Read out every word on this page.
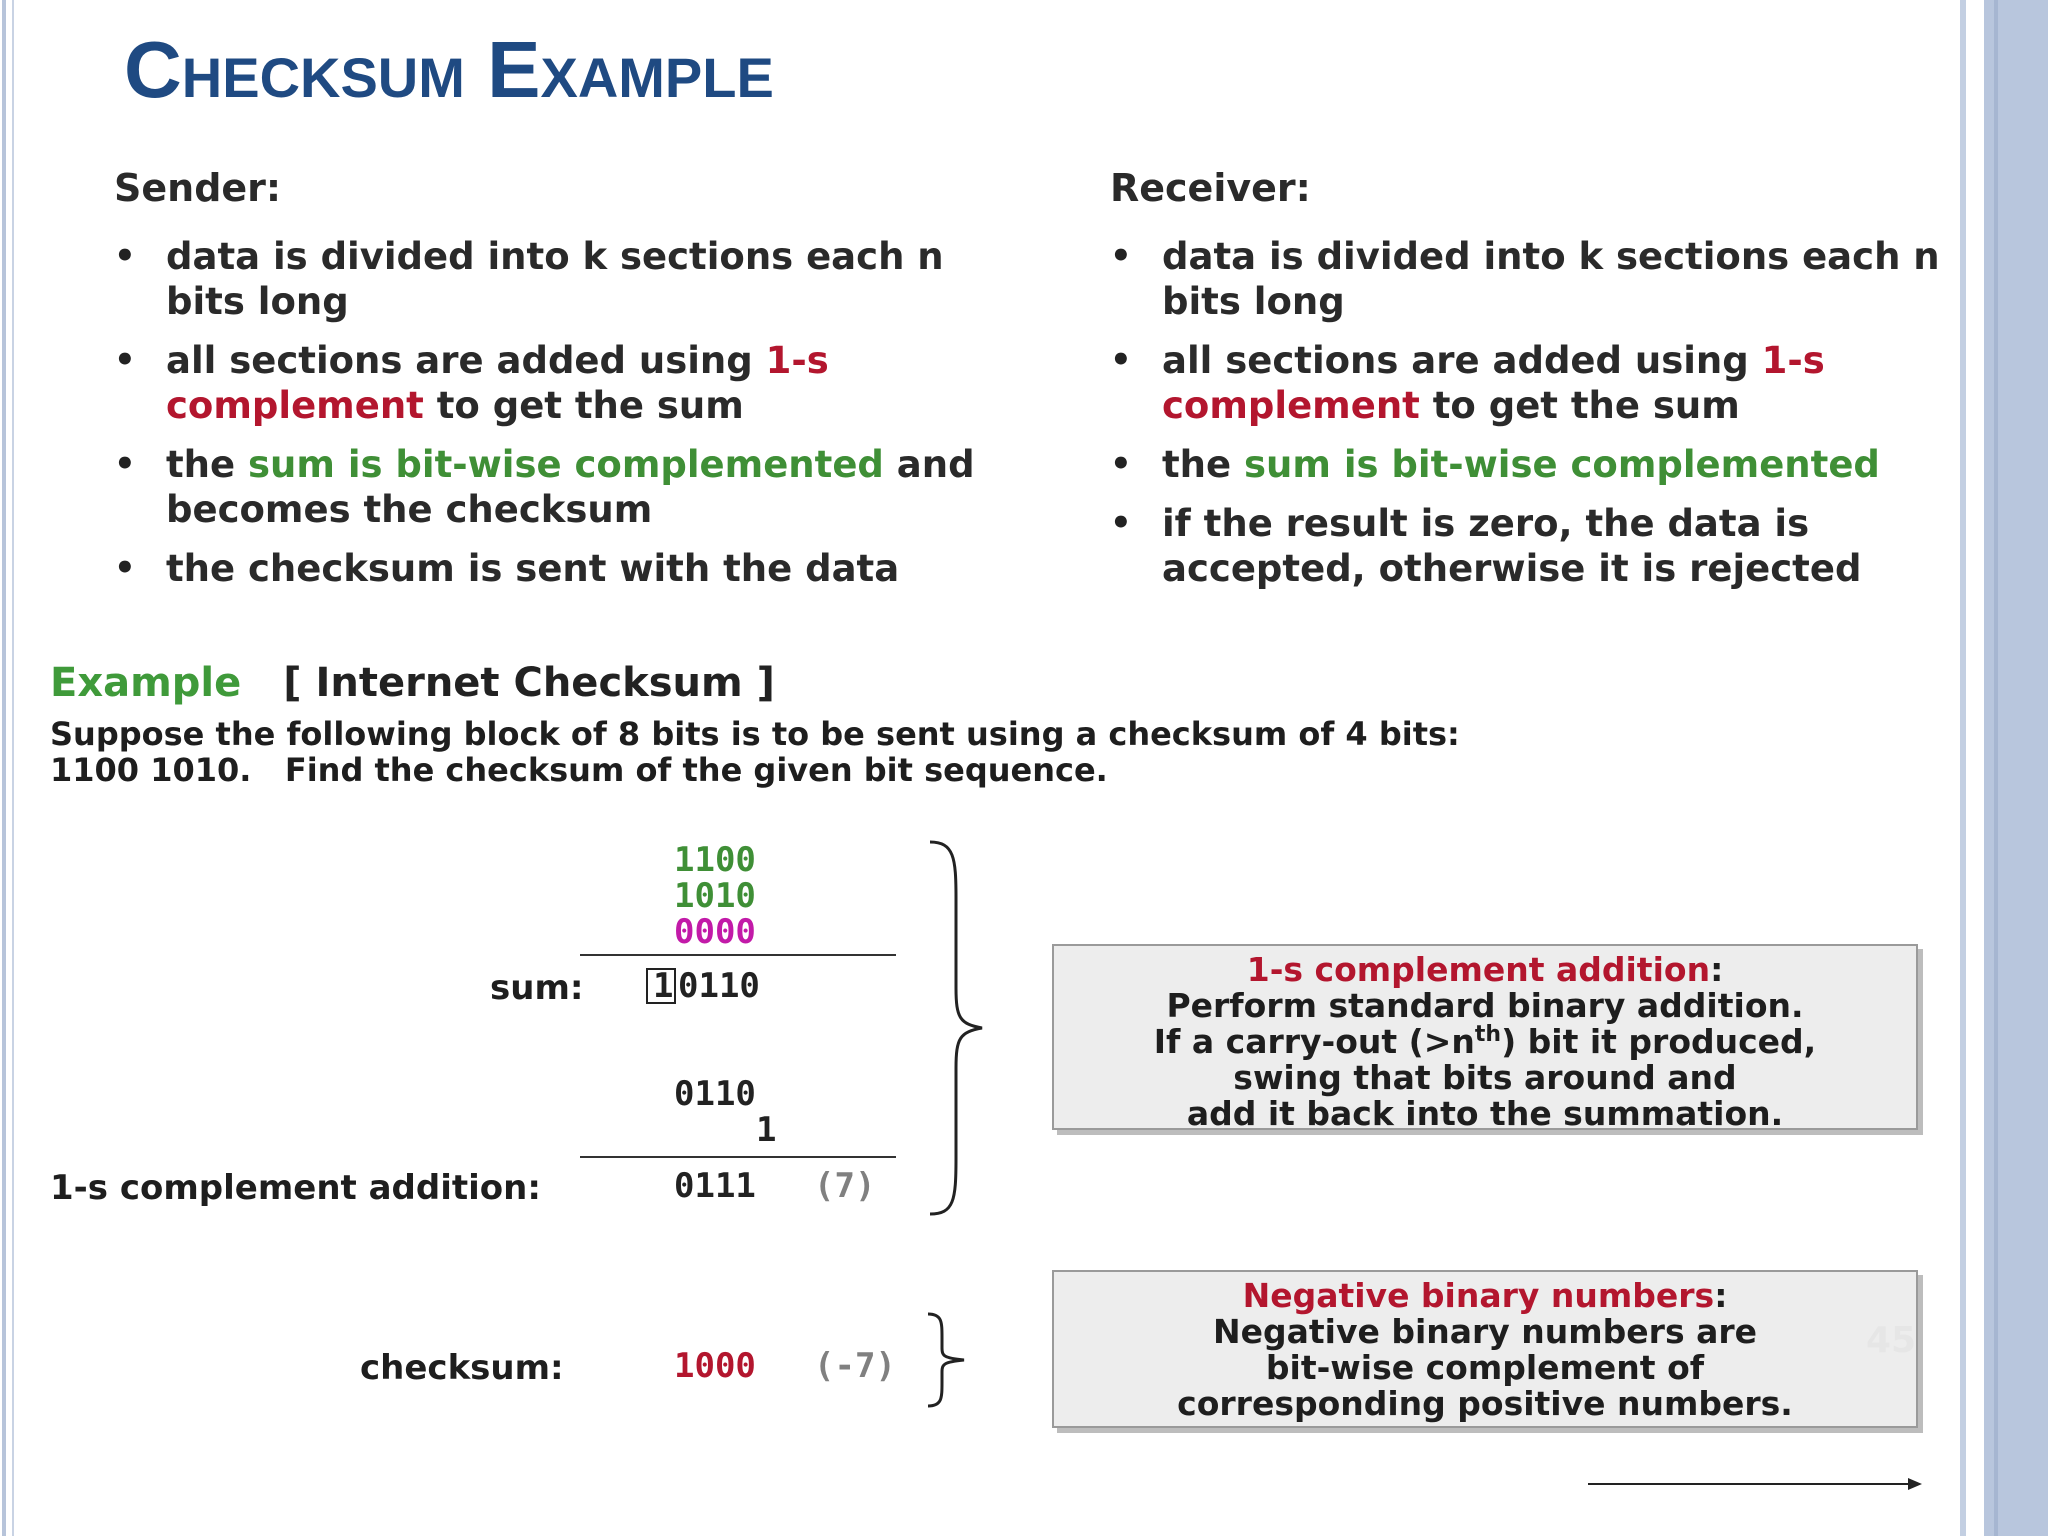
Checksum Example
Sender:
• data is divided into k sections each n bits long
• all sections are added using 1-s complement to get the sum
• the sum is bit-wise complemented and becomes the checksum
• the checksum is sent with the data
Receiver:
• data is divided into k sections each n bits long
• all sections are added using 1-s complement to get the sum
• the sum is bit-wise complemented
• if the result is zero, the data is accepted, otherwise it is rejected
Example [ Internet Checksum ]
Suppose the following block of 8 bits is to be sent using a checksum of 4 bits:
1100 1010.   Find the checksum of the given bit sequence.
1100
1010
0000
sum: 1 0110
0110
1
1-s complement addition:	0111 (7)
checksum:	1000 (-7)
1-s complement addition:
Perform standard binary addition.
If a carry-out $(>n^{th})$ bit it produced,
swing that bits around and
add it back into the summation.
Negative binary numbers:
Negative binary numbers are
bit-wise complement of
corresponding positive numbers.
45
